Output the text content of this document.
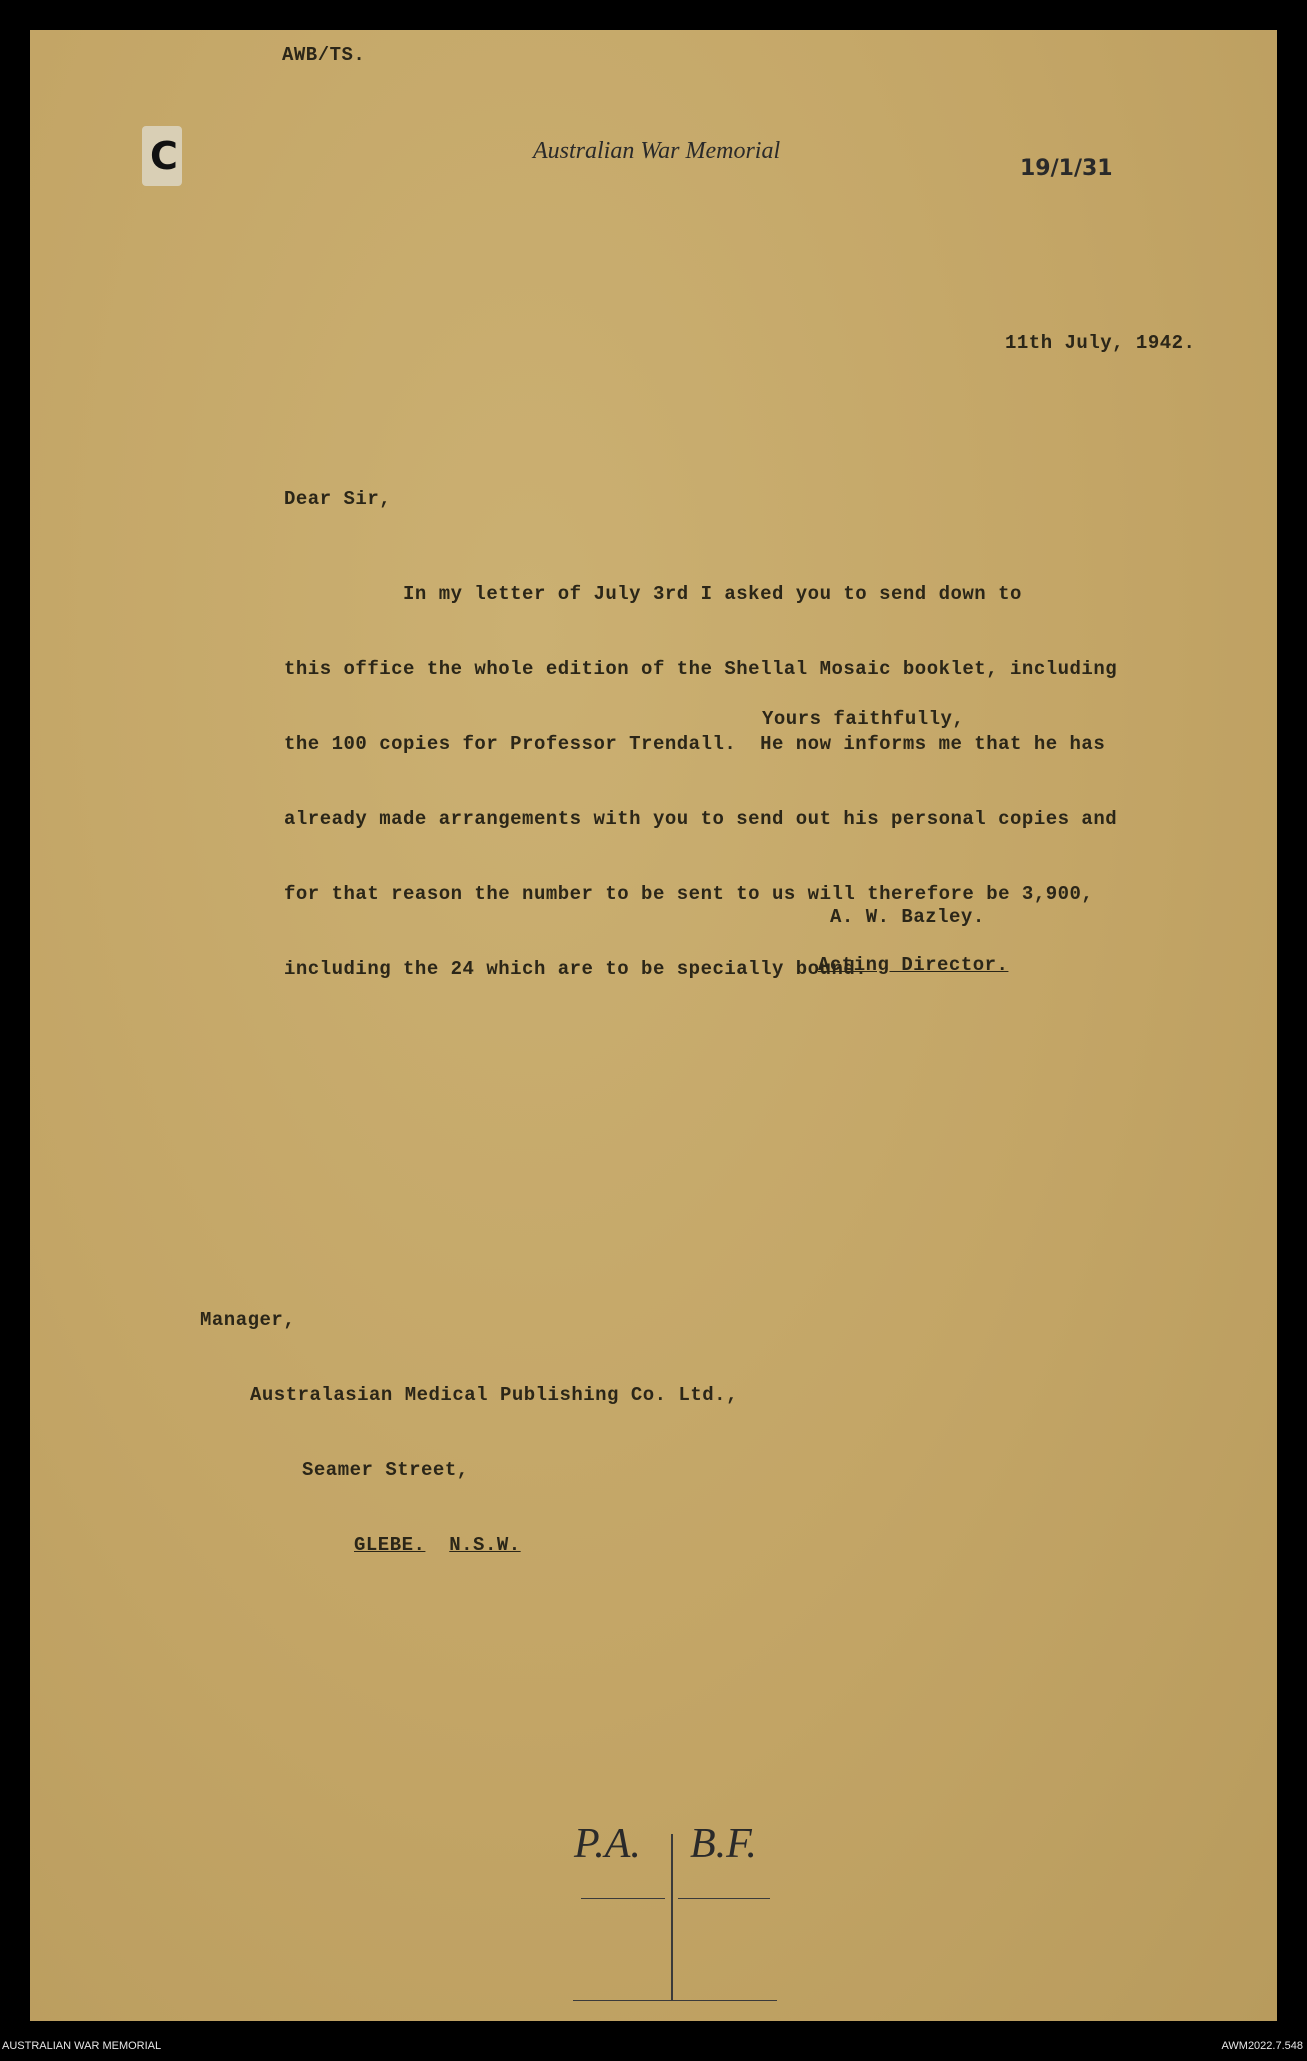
AWB/TS.
C	Australian War Memorial
19/1/31
11th July, 1942.
Dear Sir,

In my letter of July 3rd I asked you to send down to

this office the whole edition of the Shellal Mosaic booklet, including

the 100 copies for Professor Trendall.  He now informs me that he has

already made arrangements with you to send out his personal copies and

for that reason the number to be sent to us will therefore be 3,900,

including the 24 which are to be specially bound.

Yours faithfully,
A. W. Bazley.
Acting Director.

Manager,

Australasian Medical Publishing Co. Ltd.,

Seamer Street,

GLEBE. N.S.W.

P.A. B.F.
AUSTRALIAN WAR MEMORIAL	AWM2022.7.548
